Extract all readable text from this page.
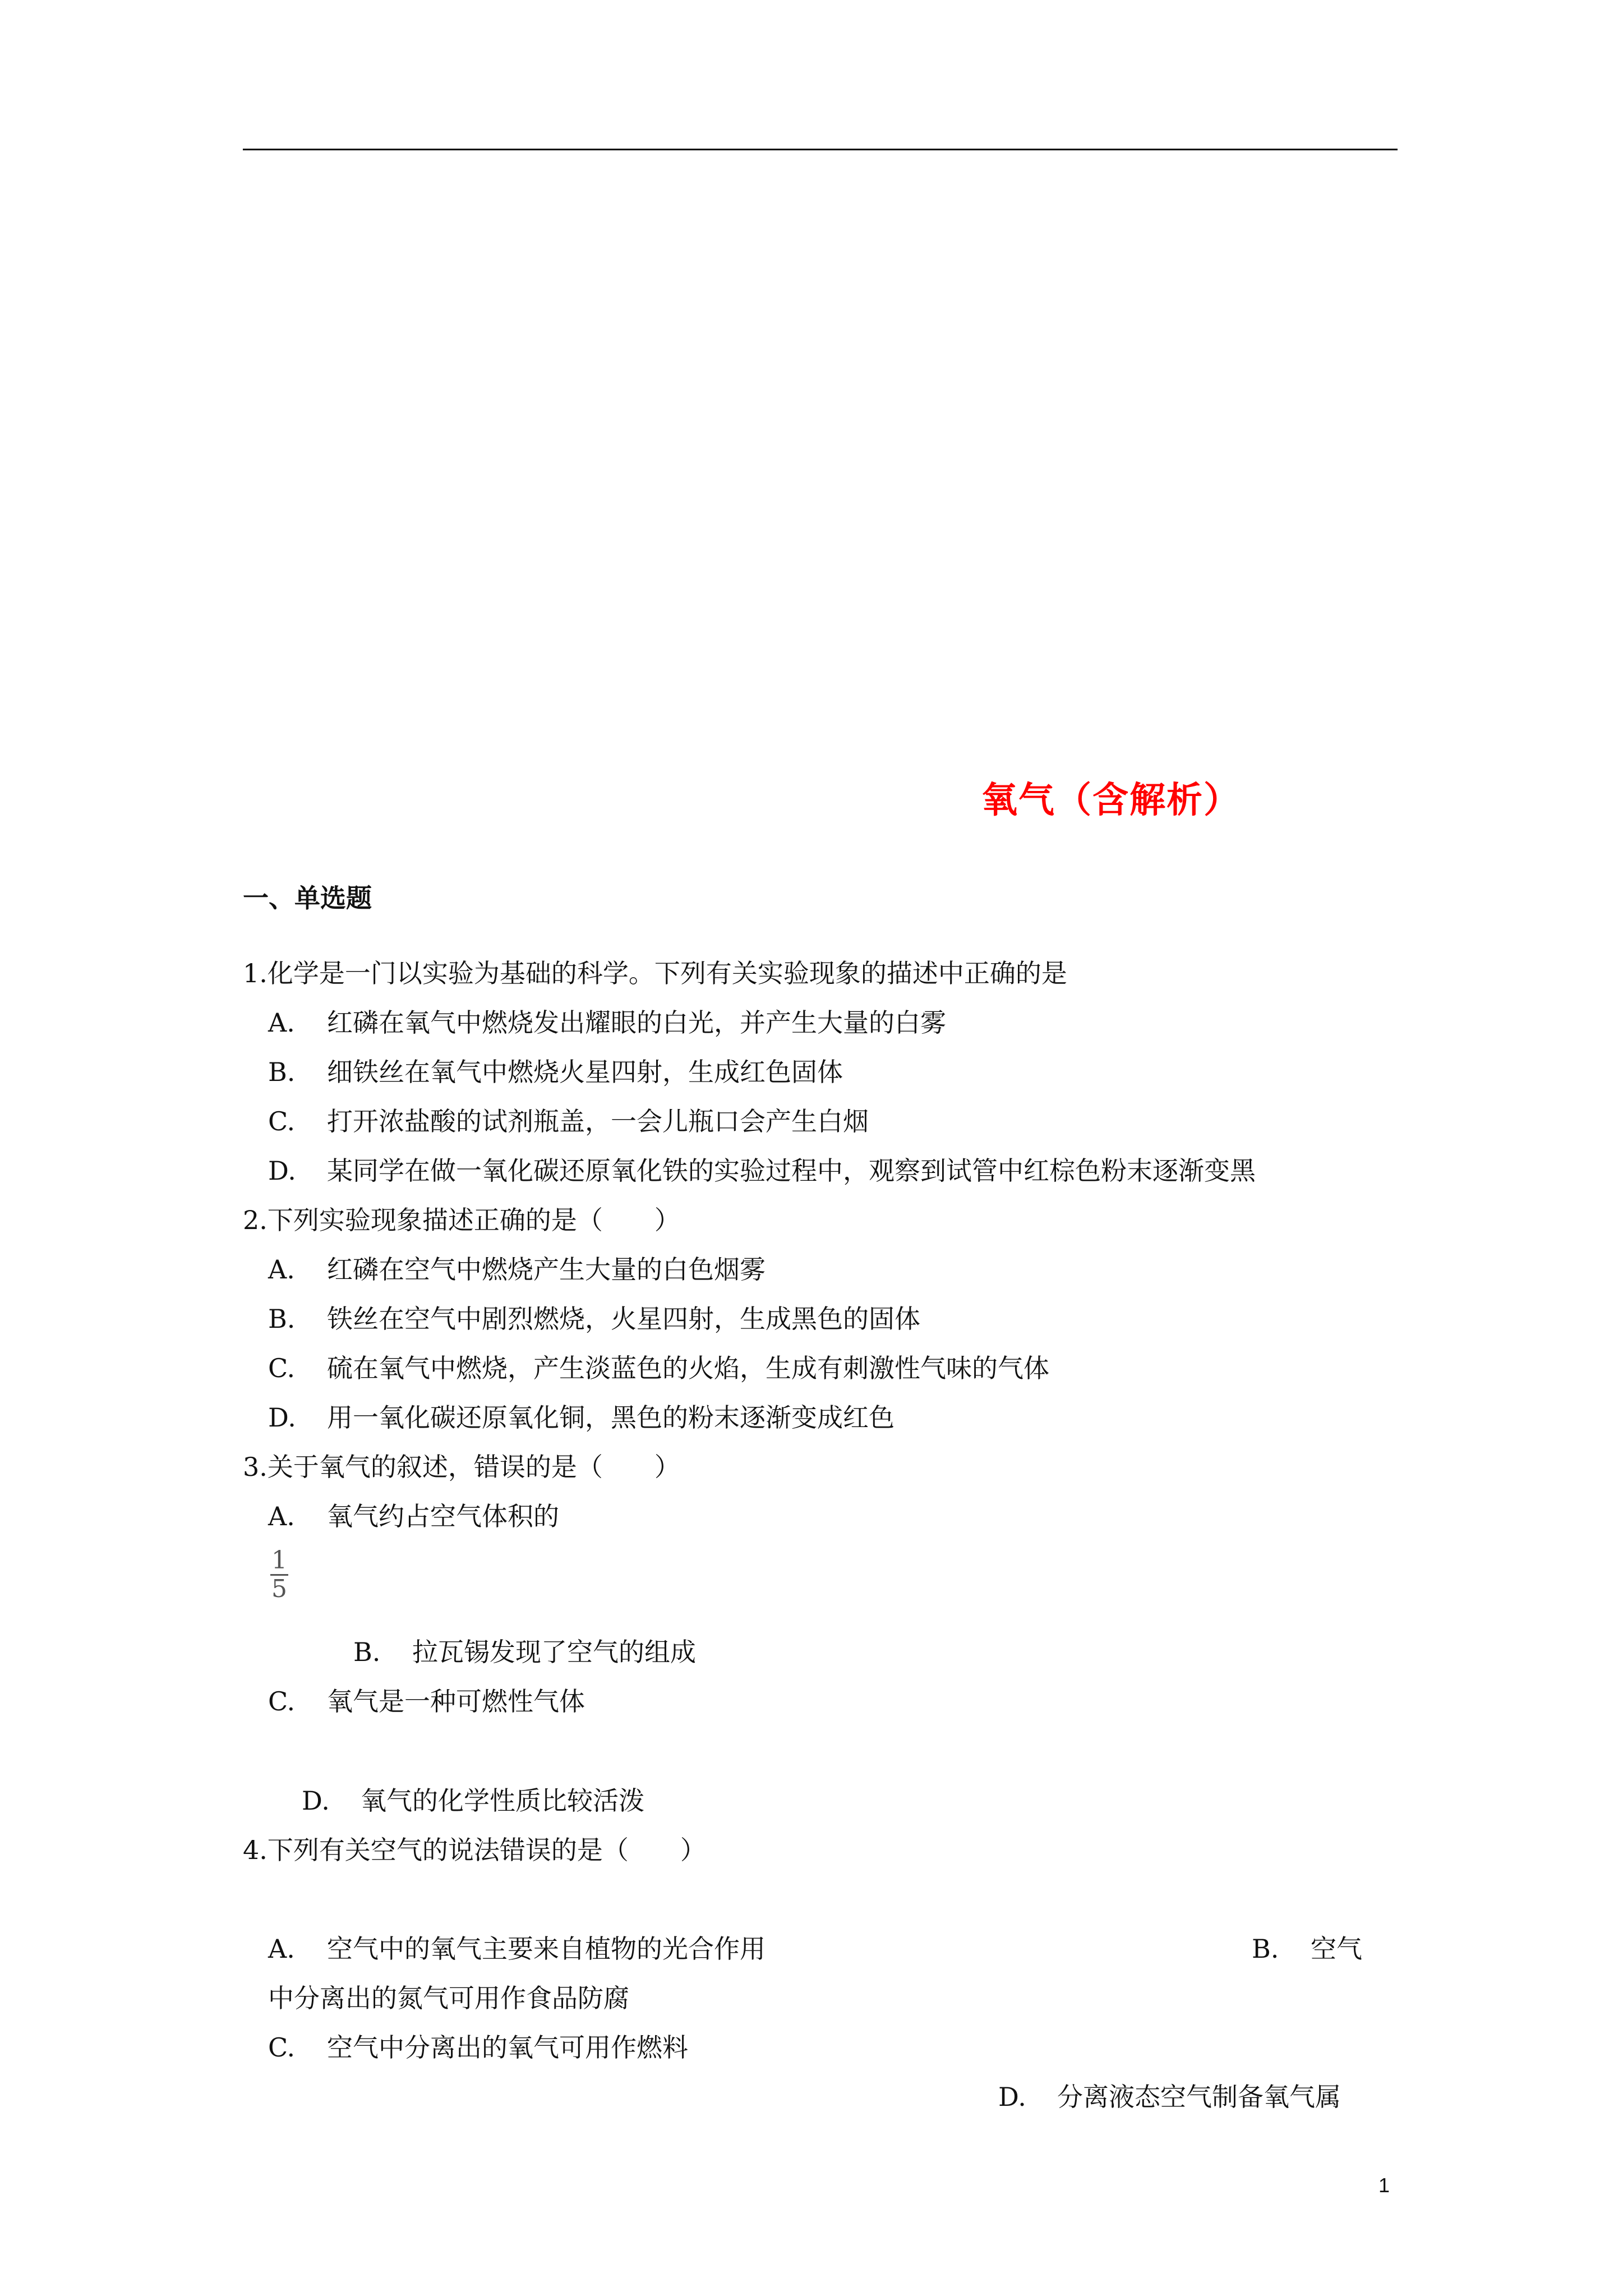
氧气（含解析）
一、单选题
1.化学是一门以实验为基础的科学。下列有关实验现象的描述中正确的是
A. 红磷在氧气中燃烧发出耀眼的白光，并产生大量的白雾
B. 细铁丝在氧气中燃烧火星四射，生成红色固体
C. 打开浓盐酸的试剂瓶盖，一会儿瓶口会产生白烟
D. 某同学在做一氧化碳还原氧化铁的实验过程中，观察到试管中红棕色粉末逐渐变黑
2.下列实验现象描述正确的是（　　）
A. 红磷在空气中燃烧产生大量的白色烟雾
B. 铁丝在空气中剧烈燃烧，火星四射，生成黑色的固体
C. 硫在氧气中燃烧，产生淡蓝色的火焰，生成有刺激性气味的气体
D. 用一氧化碳还原氧化铜，黑色的粉末逐渐变成红色
3.关于氧气的叙述，错误的是（　　）
A. 氧气约占空气体积的
1
5
B. 拉瓦锡发现了空气的组成
C. 氧气是一种可燃性气体
D. 氧气的化学性质比较活泼
4.下列有关空气的说法错误的是（　　）
A. 空气中的氧气主要来自植物的光合作用	B. 空气
中分离出的氮气可用作食品防腐
C. 空气中分离出的氧气可用作燃料
D. 分离液态空气制备氧气属
1
